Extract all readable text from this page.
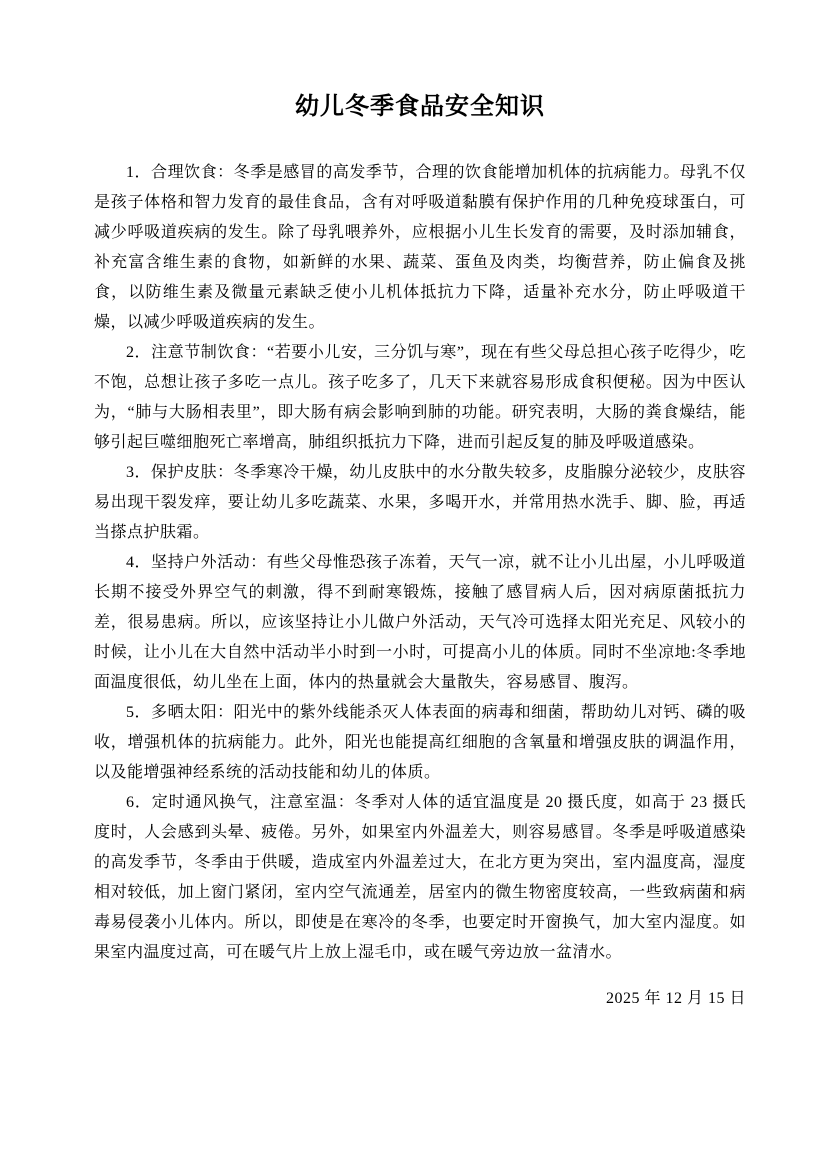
幼儿冬季食品安全知识

1．合理饮食：冬季是感冒的高发季节，合理的饮食能增加机体的抗病能力。母乳不仅是孩子体格和智力发育的最佳食品，含有对呼吸道黏膜有保护作用的几种免疫球蛋白，可减少呼吸道疾病的发生。除了母乳喂养外，应根据小儿生长发育的需要，及时添加辅食，补充富含维生素的食物，如新鲜的水果、蔬菜、蛋鱼及肉类，均衡营养，防止偏食及挑食，以防维生素及微量元素缺乏使小儿机体抵抗力下降，适量补充水分，防止呼吸道干燥，以减少呼吸道疾病的发生。

2．注意节制饮食：“若要小儿安，三分饥与寒”，现在有些父母总担心孩子吃得少，吃不饱，总想让孩子多吃一点儿。孩子吃多了，几天下来就容易形成食积便秘。因为中医认为，“肺与大肠相表里”，即大肠有病会影响到肺的功能。研究表明，大肠的粪食燥结，能够引起巨噬细胞死亡率增高，肺组织抵抗力下降，进而引起反复的肺及呼吸道感染。

3．保护皮肤：冬季寒冷干燥，幼儿皮肤中的水分散失较多，皮脂腺分泌较少，皮肤容易出现干裂发痒，要让幼儿多吃蔬菜、水果，多喝开水，并常用热水洗手、脚、脸，再适当搽点护肤霜。

4．坚持户外活动：有些父母惟恐孩子冻着，天气一凉，就不让小儿出屋，小儿呼吸道长期不接受外界空气的刺激，得不到耐寒锻炼，接触了感冒病人后，因对病原菌抵抗力差，很易患病。所以，应该坚持让小儿做户外活动，天气冷可选择太阳光充足、风较小的时候，让小儿在大自然中活动半小时到一小时，可提高小儿的体质。同时不坐凉地:冬季地面温度很低，幼儿坐在上面，体内的热量就会大量散失，容易感冒、腹泻。

5．多晒太阳：阳光中的紫外线能杀灭人体表面的病毒和细菌，帮助幼儿对钙、磷的吸收，增强机体的抗病能力。此外，阳光也能提高红细胞的含氧量和增强皮肤的调温作用，以及能增强神经系统的活动技能和幼儿的体质。

6．定时通风换气，注意室温：冬季对人体的适宜温度是 20 摄氏度，如高于 23 摄氏度时，人会感到头晕、疲倦。另外，如果室内外温差大，则容易感冒。冬季是呼吸道感染的高发季节，冬季由于供暖，造成室内外温差过大，在北方更为突出，室内温度高，湿度相对较低，加上窗门紧闭，室内空气流通差，居室内的微生物密度较高，一些致病菌和病毒易侵袭小儿体内。所以，即使是在寒冷的冬季，也要定时开窗换气，加大室内湿度。如果室内温度过高，可在暖气片上放上湿毛巾，或在暖气旁边放一盆清水。

2025 年 12 月 15 日
